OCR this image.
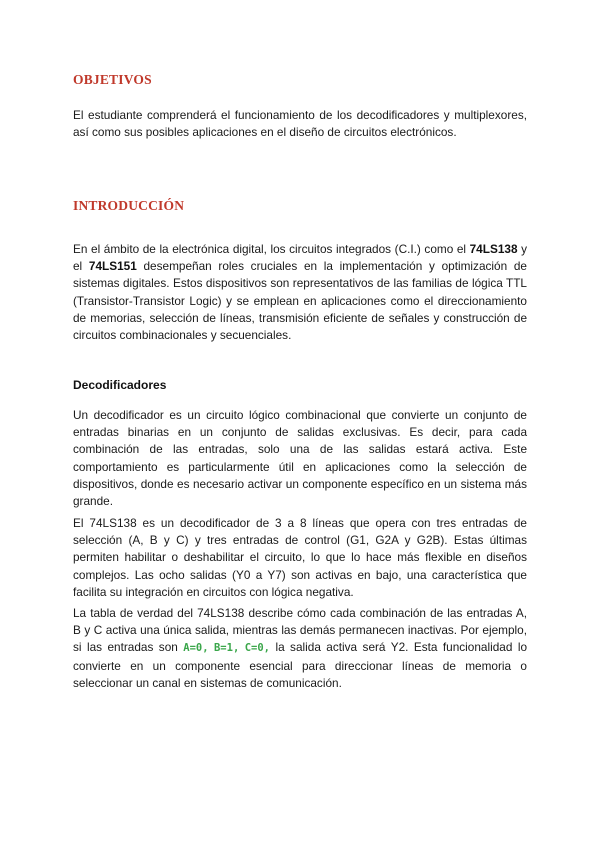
OBJETIVOS

El estudiante comprenderá el funcionamiento de los decodificadores y multiplexores, así como sus posibles aplicaciones en el diseño de circuitos electrónicos.

INTRODUCCIÓN

En el ámbito de la electrónica digital, los circuitos integrados (C.I.) como el 74LS138 y el 74LS151 desempeñan roles cruciales en la implementación y optimización de sistemas digitales. Estos dispositivos son representativos de las familias de lógica TTL (Transistor-Transistor Logic) y se emplean en aplicaciones como el direccionamiento de memorias, selección de líneas, transmisión eficiente de señales y construcción de circuitos combinacionales y secuenciales.

Decodificadores

Un decodificador es un circuito lógico combinacional que convierte un conjunto de entradas binarias en un conjunto de salidas exclusivas. Es decir, para cada combinación de las entradas, solo una de las salidas estará activa. Este comportamiento es particularmente útil en aplicaciones como la selección de dispositivos, donde es necesario activar un componente específico en un sistema más grande.

El 74LS138 es un decodificador de 3 a 8 líneas que opera con tres entradas de selección (A, B y C) y tres entradas de control (G1, G2A y G2B). Estas últimas permiten habilitar o deshabilitar el circuito, lo que lo hace más flexible en diseños complejos. Las ocho salidas (Y0 a Y7) son activas en bajo, una característica que facilita su integración en circuitos con lógica negativa.

La tabla de verdad del 74LS138 describe cómo cada combinación de las entradas A, B y C activa una única salida, mientras las demás permanecen inactivas. Por ejemplo, si las entradas son A=0, B=1, C=0, la salida activa será Y2. Esta funcionalidad lo convierte en un componente esencial para direccionar líneas de memoria o seleccionar un canal en sistemas de comunicación.
